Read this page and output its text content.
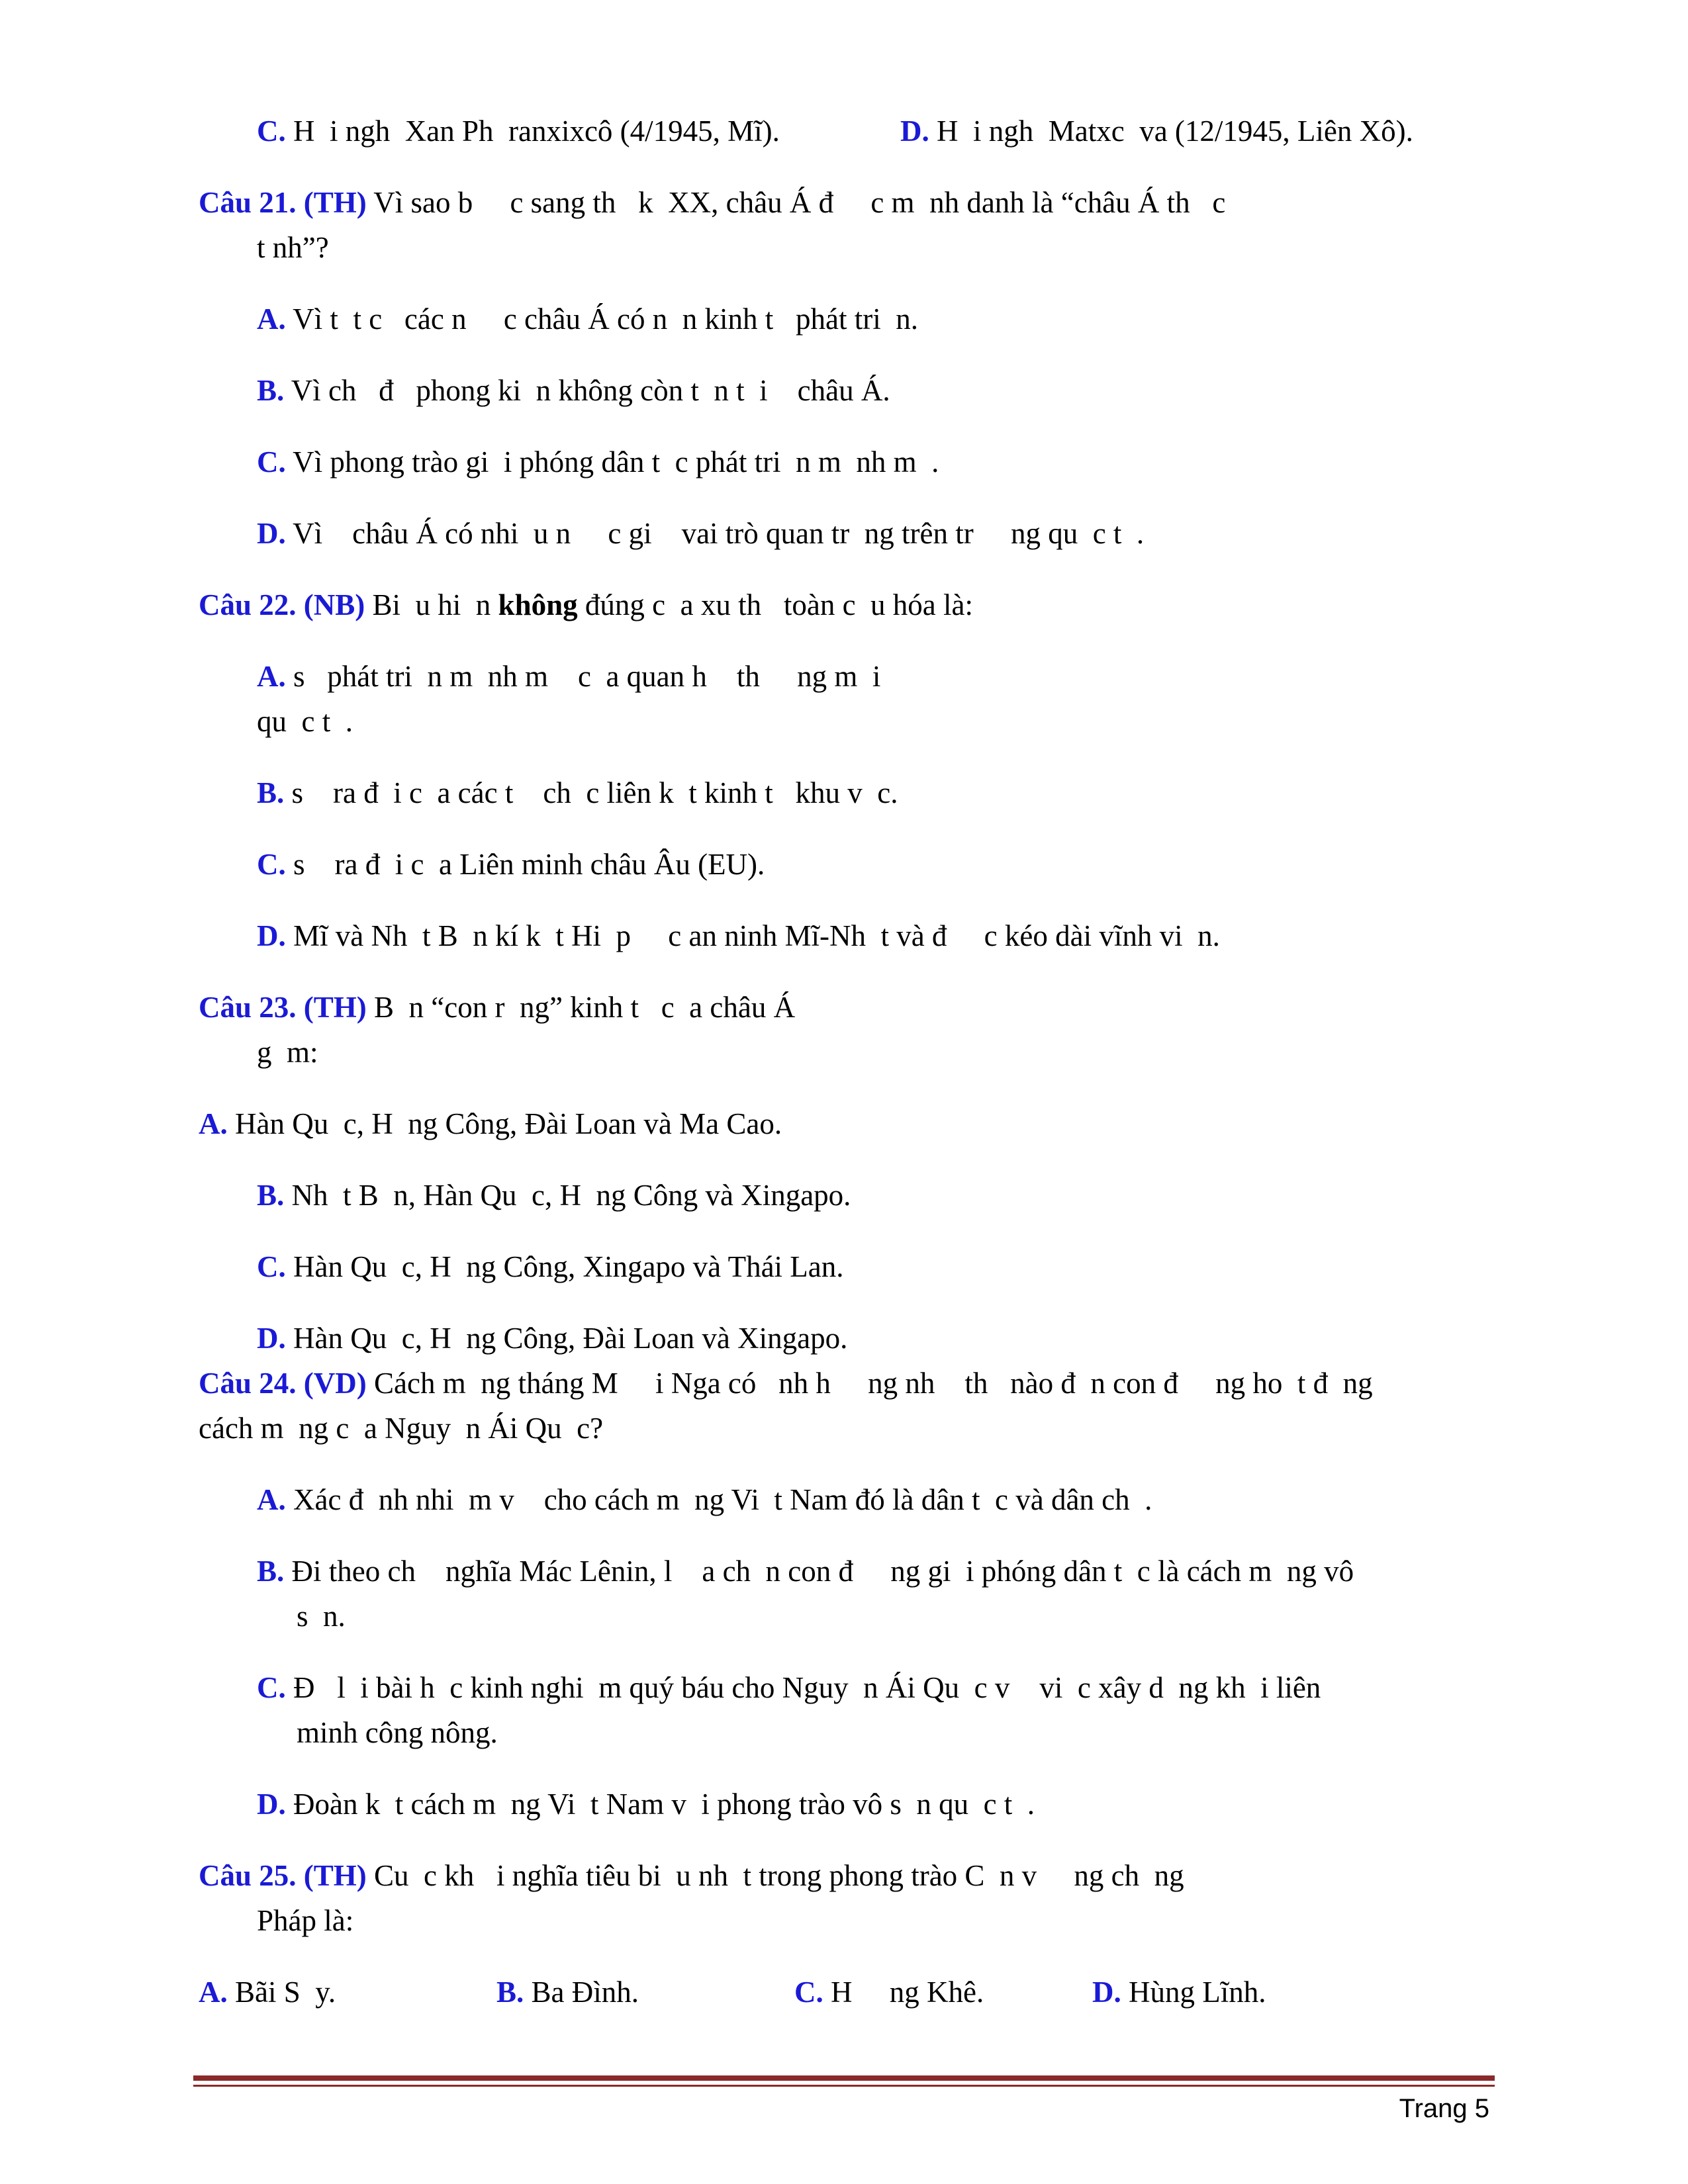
C. H  i ngh  Xan Ph  ranxixcô (4/1945, Mĩ).	D. H  i ngh  Matxc  va (12/1945, Liên Xô).
Câu 21. (TH) Vì sao b     c sang th   k  XX, châu Á đ     c m  nh danh là “châu Á th   c
t nh”?
A. Vì t  t c   các n     c châu Á có n  n kinh t   phát tri  n.
B. Vì ch   đ   phong ki  n không còn t  n t  i    châu Á.
C. Vì phong trào gi  i phóng dân t  c phát tri  n m  nh m  .
D. Vì    châu Á có nhi  u n     c gi    vai trò quan tr  ng trên tr     ng qu  c t  .
Câu 22. (NB) Bi  u hi  n không đúng c  a xu th   toàn c  u hóa là:
A. s   phát tri  n m  nh m    c  a quan h    th     ng m  i
qu  c t  .
B. s    ra đ  i c  a các t    ch  c liên k  t kinh t   khu v  c.
C. s    ra đ  i c  a Liên minh châu Âu (EU).
D. Mĩ và Nh  t B  n kí k  t Hi  p     c an ninh Mĩ-Nh  t và đ     c kéo dài vĩnh vi  n.
Câu 23. (TH) B  n “con r  ng” kinh t   c  a châu Á
g  m:
A. Hàn Qu  c, H  ng Công, Đài Loan và Ma Cao.
B. Nh  t B  n, Hàn Qu  c, H  ng Công và Xingapo.
C. Hàn Qu  c, H  ng Công, Xingapo và Thái Lan.
D. Hàn Qu  c, H  ng Công, Đài Loan và Xingapo.
Câu 24. (VD) Cách m  ng tháng M     i Nga có   nh h     ng nh    th   nào đ  n con đ     ng ho  t đ  ng
cách m  ng c  a Nguy  n Ái Qu  c?
A. Xác đ  nh nhi  m v    cho cách m  ng Vi  t Nam đó là dân t  c và dân ch  .
B. Đi theo ch    nghĩa Mác Lênin, l    a ch  n con đ     ng gi  i phóng dân t  c là cách m  ng vô
s  n.
C. Đ   l  i bài h  c kinh nghi  m quý báu cho Nguy  n Ái Qu  c v    vi  c xây d  ng kh  i liên
minh công nông.
D. Đoàn k  t cách m  ng Vi  t Nam v  i phong trào vô s  n qu  c t  .
Câu 25. (TH) Cu  c kh   i nghĩa tiêu bi  u nh  t trong phong trào C  n v     ng ch  ng
Pháp là:
A. Bãi S  y.	B. Ba Đình.	C. H     ng Khê.	D. Hùng Lĩnh.
Trang 5
